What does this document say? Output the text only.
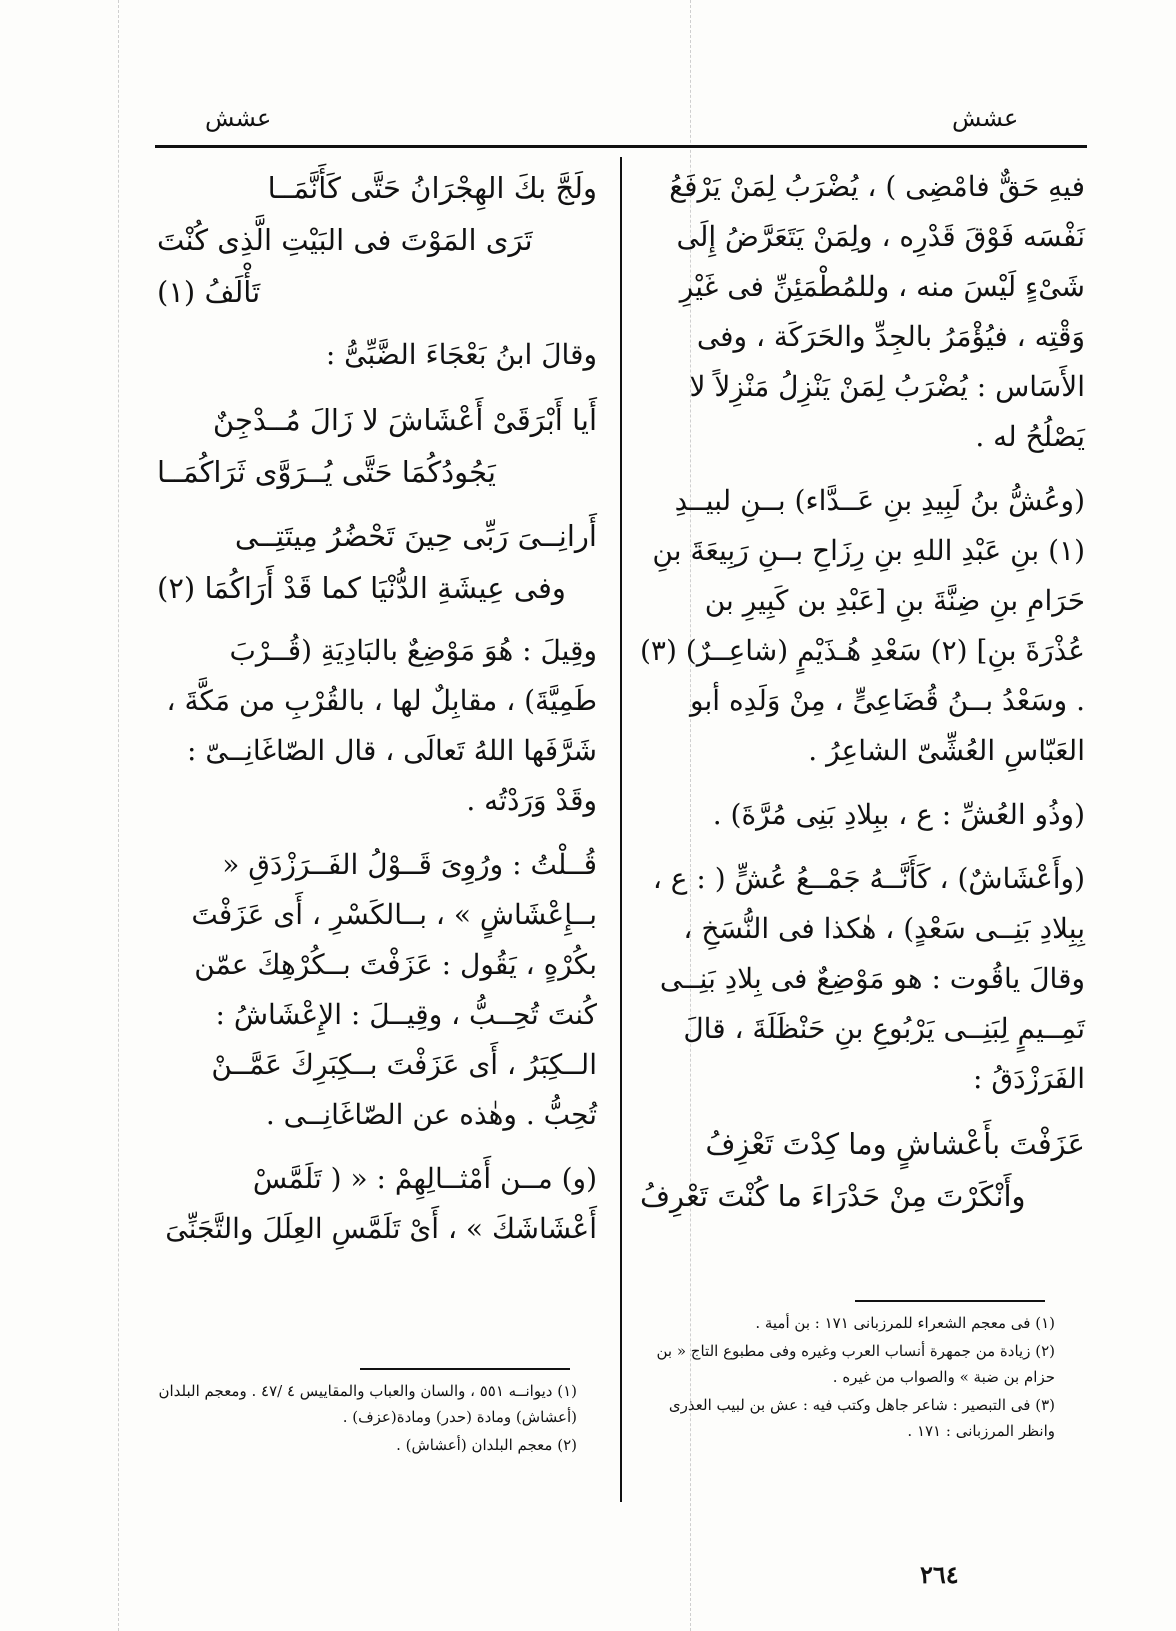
عشش	عشش

فيهِ حَقٌّ فامْضِى ) ، يُضْرَبُ لِمَنْ يَرْفَعُ نَفْسَه فَوْقَ قَدْرِه ، ولِمَنْ يَتَعَرَّضُ إِلَى شَىْءٍ لَيْسَ منه ، وللمُطْمَئِنِّ فى غَيْرِ وَقْتِه ، فيُؤْمَرُ بالجِدِّ والحَرَكَة ، وفى الأَسَاس : يُضْرَبُ لِمَنْ يَنْزِلُ مَنْزِلاً لا يَصْلُحُ له .

(وعُشُّ بنُ لَبِيدِ بنِ عَــدَّاء) بــنِ لبيــدِ (١) بنِ عَبْدِ اللهِ بنِ رِزَاحِ بــنِ رَبِيعَةَ بنِ حَرَامِ بنِ ضِنَّةَ بنِ [عَبْدِ بن كَبِيرِ بن عُذْرَةَ بنِ] (٢) سَعْدِ هُـذَيْمٍ (شاعِــرٌ) (٣) . وسَعْدُ بــنُ قُضَاعِىٍّ ، مِنْ وَلَدِه أبو العَبّاسِ العُشِّىّ الشاعِرُ .

(وذُو العُشِّ : ع ، ببِلادِ بَنِى مُرَّةَ) .

(وأَعْشَاشٌ) ، كَأَنَّــهُ جَمْــعُ عُشٍّ ( : ع ، بِبِلادِ بَنِــى سَعْدٍ) ، هٰكذا فى النُّسَخِ ، وقالَ ياقُوت : هو مَوْضِعٌ فى بِلادِ بَنِــى تَمِــيمٍ لِبَنِــى يَرْبُوعِ بنِ حَنْظَلَةَ ، قالَ الفَرَزْدَقُ :

عَزَفْتَ بأَعْشاشٍ وما كِدْتَ تَعْزِفُ
وأَنْكَرْتَ مِنْ حَدْرَاءَ ما كُنْتَ تَعْرِفُ

(١) فى معجم الشعراء للمرزبانى ١٧١ : بن أمية .

(٢) زيادة من جمهرة أنساب العرب وغيره وفى مطبوع التاج « بن حزام بن ضبة » والصواب من غيره .

(٣) فى التبصير : شاعر جاهل وكتب فيه : عش بن لبيب العذرى وانظر المرزبانى : ١٧١ .

ولَجَّ بكَ الهِجْرَانُ حَتَّى كَأَنَّمَــا
تَرَى المَوْتَ فى البَيْتِ الَّذِى كُنْتَ تَأْلَفُ (١)

وقالَ ابنُ بَعْجَاءَ الضَّبِّىُّ :

أَيا أَبْرَقَىْ أَعْشَاشَ لا زَالَ مُــدْجِنٌ
يَجُودُكُمَا حَتَّى يُــرَوَّى ثَرَاكُمَــا
أَرانِــىَ رَبِّى حِينَ تَحْضُرُ مِيتَتِــى
وفى عِيشَةِ الدُّنْيَا كما قَدْ أَرَاكُمَا (٢)

وقِيلَ : هُوَ مَوْضِعٌ بالبَادِيَةِ (قُــرْبَ طَمِيَّةَ) ، مقابِلٌ لها ، بالقُرْبِ من مَكَّةَ ، شَرَّفَها اللهُ تَعالَى ، قال الصّاغَانِــىّ : وقَدْ وَرَدْتُه .

قُــلْتُ : ورُوِىَ قَــوْلُ الفَــرَزْدَقِ « بــإِعْشَاشٍ » ، بــالكَسْرِ ، أَى عَزَفْتَ بكُرْهٍ ، يَقُول : عَزَفْتَ بــكُرْهِكَ عمّن كُنتَ تُحِــبُّ ، وقِيــلَ : الإِعْشَاشُ : الــكِبَرُ ، أَى عَزَفْتَ بــكِبَرِكَ عَمَّــنْ تُحِبُّ . وهٰذه عن الصّاغَانِــى .

(و) مــن أَمْثــالِهِمْ : « ( تَلَمَّسْ أَعْشَاشَكَ » ، أَىْ تَلَمَّسِ العِلَلَ والتَّجَنِّىَ

(١) ديوانــه ٥٥١ ، والسان والعباب والمقاييس ٤ /٤٧ . ومعجم البلدان (أعشاش) ومادة (حدر) ومادة(عزف) .

(٢) معجم البلدان (أعشاش) .

٢٦٤
